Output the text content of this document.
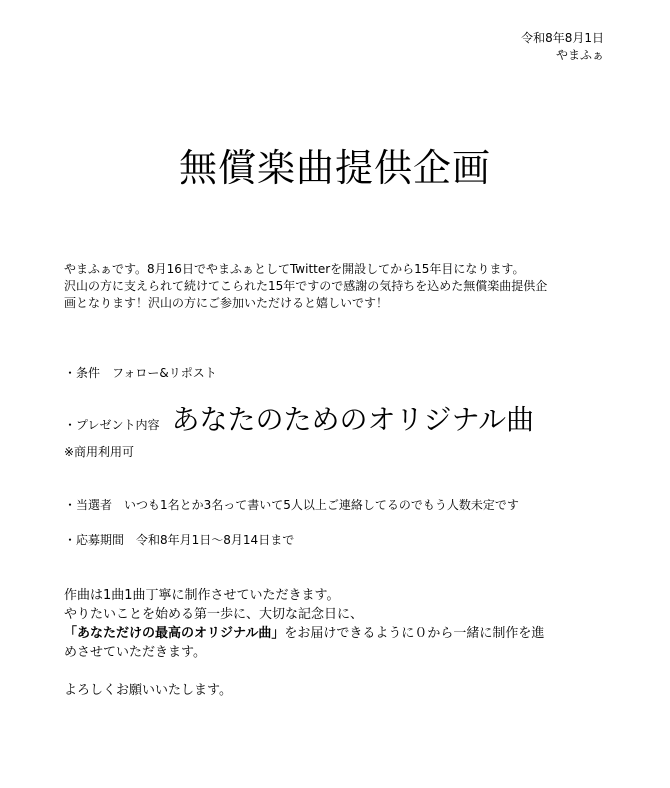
令和8年8月1日
やまふぁ
無償楽曲提供企画

やまふぁです。8月16日でやまふぁとしてTwitterを開設してから15年目になります。

沢山の方に支えられて続けてこられた15年ですので感謝の気持ちを込めた無償楽曲提供企

画となります！沢山の方にご参加いただけると嬉しいです！

・条件 フォロー&リポスト
・プレゼント内容 あなたのためのオリジナル曲
※商用利用可
・当選者 いつも1名とか3名って書いて5人以上ご連絡してるのでもう人数未定です
・応募期間 令和8年月1日〜8月14日まで

作曲は1曲1曲丁寧に制作させていただきます。

やりたいことを始める第一歩に、大切な記念日に、

「あなただけの最高のオリジナル曲」をお届けできるように０から一緒に制作を進

めさせていただきます。

よろしくお願いいたします。
